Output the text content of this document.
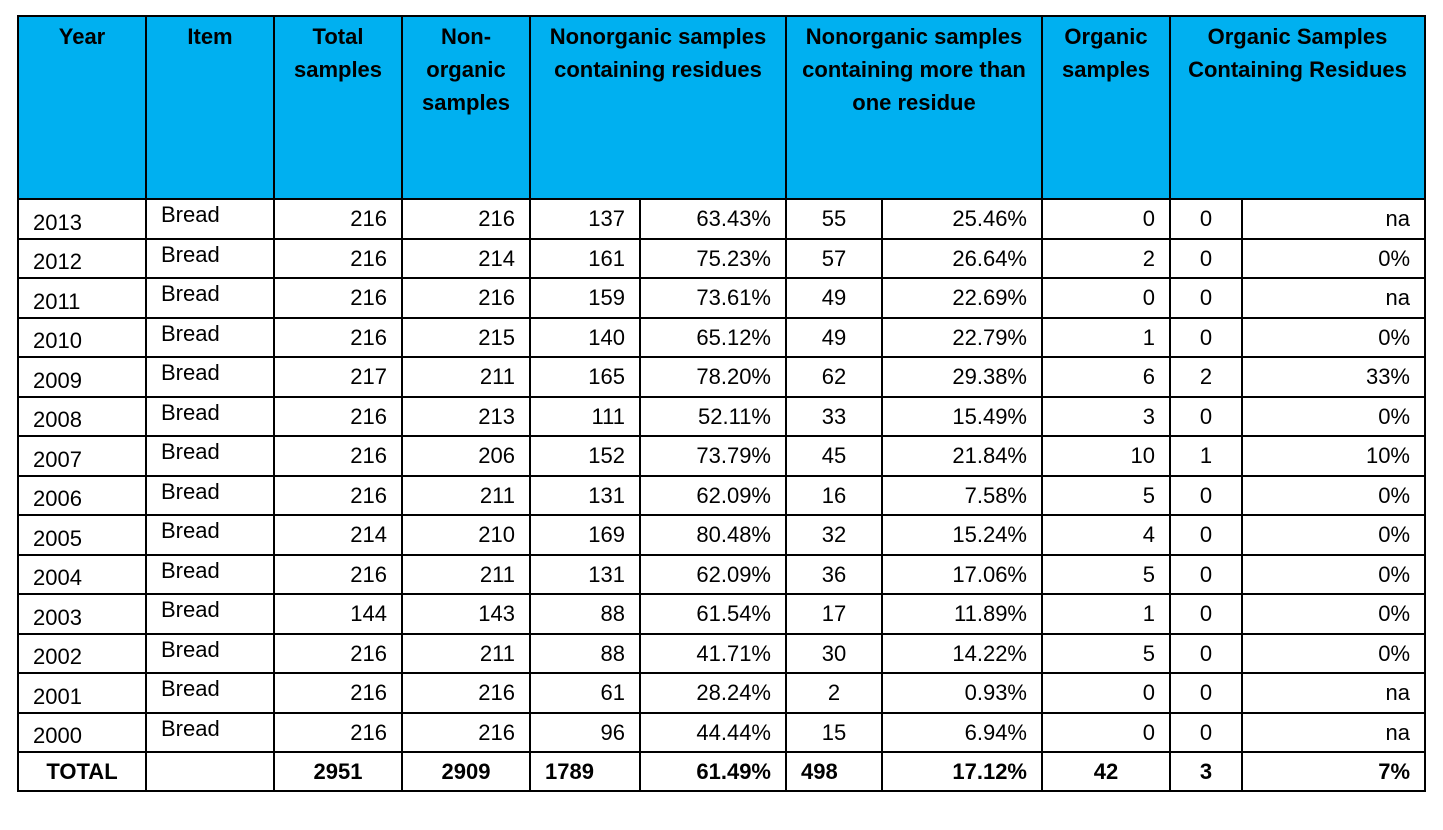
Year	Item	Total samples	Non-organic samples	Nonorganic samples containing residues		Nonorganic samples containing more than one residue		Organic samples	Organic Samples Containing Residues	
2013	Bread	216	216	137	63.43%	55	25.46%	0	0	na
2012	Bread	216	214	161	75.23%	57	26.64%	2	0	0%
2011	Bread	216	216	159	73.61%	49	22.69%	0	0	na
2010	Bread	216	215	140	65.12%	49	22.79%	1	0	0%
2009	Bread	217	211	165	78.20%	62	29.38%	6	2	33%
2008	Bread	216	213	111	52.11%	33	15.49%	3	0	0%
2007	Bread	216	206	152	73.79%	45	21.84%	10	1	10%
2006	Bread	216	211	131	62.09%	16	7.58%	5	0	0%
2005	Bread	214	210	169	80.48%	32	15.24%	4	0	0%
2004	Bread	216	211	131	62.09%	36	17.06%	5	0	0%
2003	Bread	144	143	88	61.54%	17	11.89%	1	0	0%
2002	Bread	216	211	88	41.71%	30	14.22%	5	0	0%
2001	Bread	216	216	61	28.24%	2	0.93%	0	0	na
2000	Bread	216	216	96	44.44%	15	6.94%	0	0	na
TOTAL		2951	2909	1789	61.49%	498	17.12%	42	3	7%
